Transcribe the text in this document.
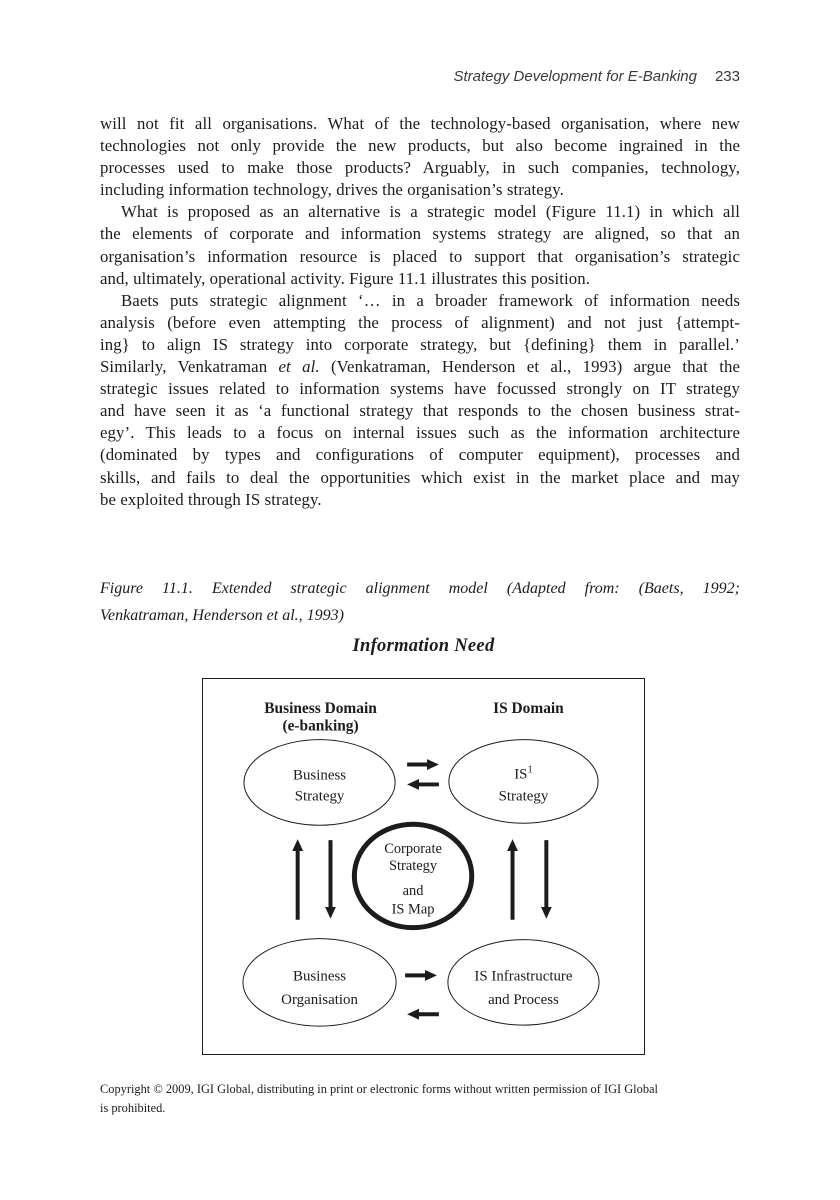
Strategy Development for E-Banking 233
will not fit all organisations. What of the technology-based organisation, where new
technologies not only provide the new products, but also become ingrained in the
processes used to make those products? Arguably, in such companies, technology,
including information technology, drives the organisation’s strategy.
What is proposed as an alternative is a strategic model (Figure 11.1) in which all
the elements of corporate and information systems strategy are aligned, so that an
organisation’s information resource is placed to support that organisation’s strategic
and, ultimately, operational activity. Figure 11.1 illustrates this position.
Baets puts strategic alignment ‘… in a broader framework of information needs
analysis (before even attempting the process of alignment) and not just {attempt-
ing} to align IS strategy into corporate strategy, but {defining} them in parallel.’
Similarly, Venkatraman et al. (Venkatraman, Henderson et al., 1993) argue that the
strategic issues related to information systems have focussed strongly on IT strategy
and have seen it as ‘a functional strategy that responds to the chosen business strat-
egy’. This leads to a focus on internal issues such as the information architecture
(dominated by types and configurations of computer equipment), processes and
skills, and fails to deal the opportunities which exist in the market place and may
be exploited through IS strategy.
Figure 11.1. Extended strategic alignment model (Adapted from: (Baets, 1992;
Venkatraman, Henderson et al., 1993)
Information Need
Business Domain
(e-banking)
IS Domain
Business
Strategy
$IS^1$
Strategy
Corporate
Strategy
and
IS Map
Business
Organisation
IS Infrastructure
and Process
Copyright © 2009, IGI Global, distributing in print or electronic forms without written permission of IGI Global
is prohibited.
